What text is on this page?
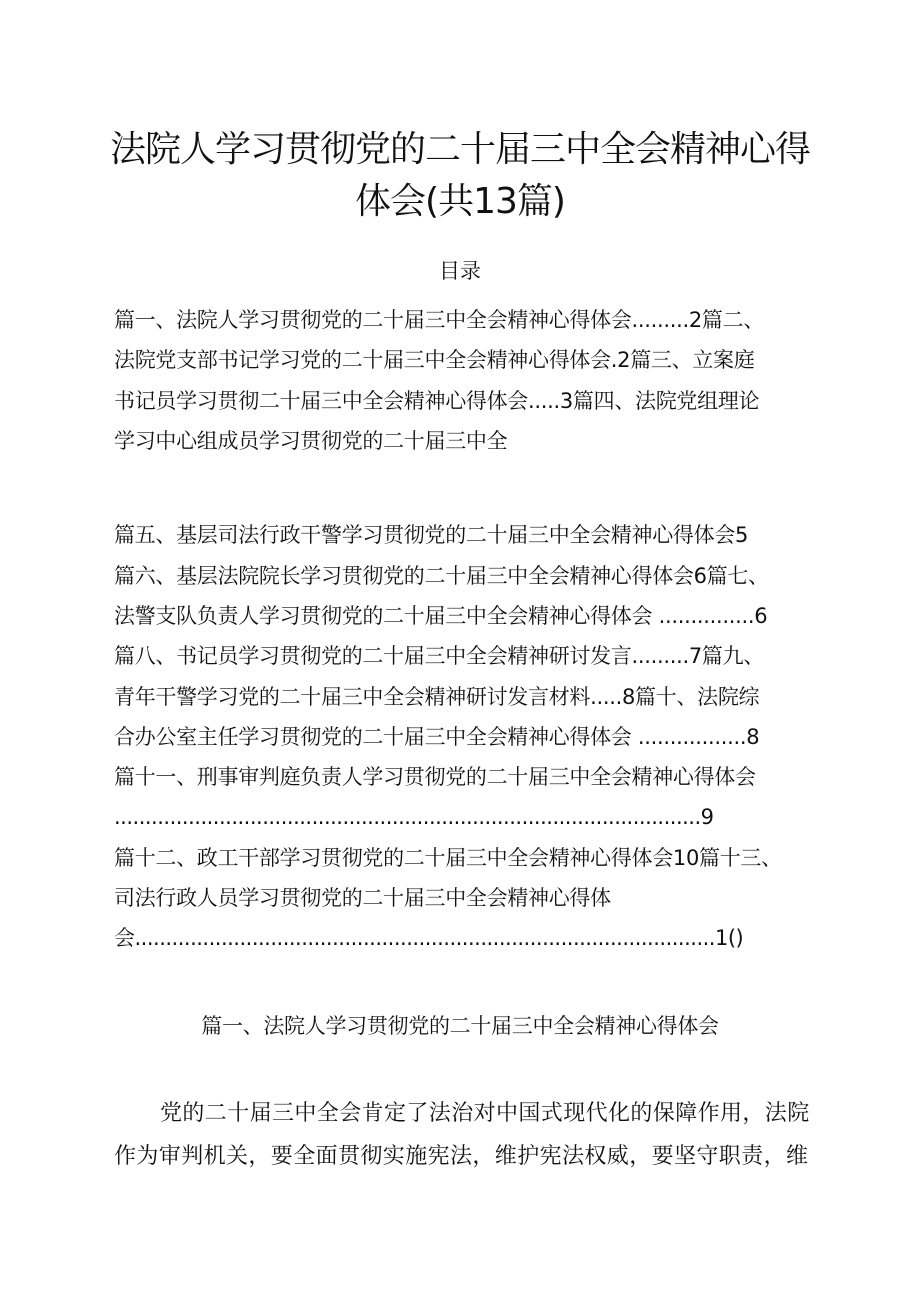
法院人学习贯彻党的二十届三中全会精神心得
体会(共13篇)
目录
篇一、法院人学习贯彻党的二十届三中全会精神心得体会.........2篇二、
法院党支部书记学习党的二十届三中全会精神心得体会.2篇三、立案庭
书记员学习贯彻二十届三中全会精神心得体会.....3篇四、法院党组理论
学习中心组成员学习贯彻党的二十届三中全
篇五、基层司法行政干警学习贯彻党的二十届三中全会精神心得体会5
篇六、基层法院院长学习贯彻党的二十届三中全会精神心得体会6篇七、
法警支队负责人学习贯彻党的二十届三中全会精神心得体会 ...............6
篇八、书记员学习贯彻党的二十届三中全会精神研讨发言.........7篇九、
青年干警学习党的二十届三中全会精神研讨发言材料.....8篇十、法院综
合办公室主任学习贯彻党的二十届三中全会精神心得体会 .................8
篇十一、刑事审判庭负责人学习贯彻党的二十届三中全会精神心得体会
...............................................................................................9
篇十二、政工干部学习贯彻党的二十届三中全会精神心得体会10篇十三、
司法行政人员学习贯彻党的二十届三中全会精神心得体
会..............................................................................................1()
篇一、法院人学习贯彻党的二十届三中全会精神心得体会
党的二十届三中全会肯定了法治对中国式现代化的保障作用，法院
作为审判机关，要全面贯彻实施宪法，维护宪法权威，要坚守职责，维
